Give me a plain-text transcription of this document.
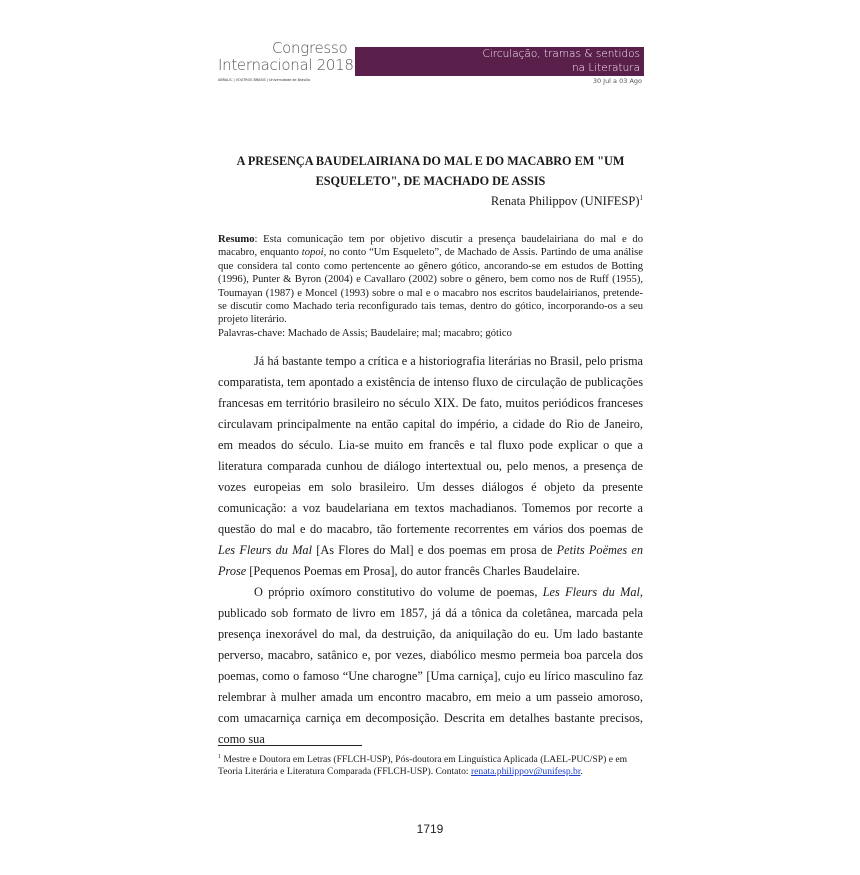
Congresso
Internacional 2018
ABRALIC | VOUTROS BRASIS | Universidade de Brasília
Circulação, tramas & sentidos
na Literatura
30 Jul a 03 Ago
A PRESENÇA BAUDELAIRIANA DO MAL E DO MACABRO EM "UM ESQUELETO", DE MACHADO DE ASSIS
Renata Philippov (UNIFESP)$^1$

Resumo: Esta comunicação tem por objetivo discutir a presença baudelairiana do mal e do macabro, enquanto topoi, no conto “Um Esqueleto”, de Machado de Assis. Partindo de uma análise que considera tal conto como pertencente ao gênero gótico, ancorando-se em estudos de Botting (1996), Punter & Byron (2004) e Cavallaro (2002) sobre o gênero, bem como nos de Ruff (1955), Toumayan (1987) e Moncel (1993) sobre o mal e o macabro nos escritos baudelairianos, pretende-se discutir como Machado teria reconfigurado tais temas, dentro do gótico, incorporando-os a seu projeto literário.

Palavras-chave: Machado de Assis; Baudelaire; mal; macabro; gótico

Já há bastante tempo a crítica e a historiografia literárias no Brasil, pelo prisma comparatista, tem apontado a existência de intenso fluxo de circulação de publicações francesas em território brasileiro no século XIX. De fato, muitos periódicos franceses circulavam principalmente na então capital do império, a cidade do Rio de Janeiro, em meados do século. Lia-se muito em francês e tal fluxo pode explicar o que a literatura comparada cunhou de diálogo intertextual ou, pelo menos, a presença de vozes europeias em solo brasileiro. Um desses diálogos é objeto da presente comunicação: a voz baudelariana em textos machadianos. Tomemos por recorte a questão do mal e do macabro, tão fortemente recorrentes em vários dos poemas de Les Fleurs du Mal [As Flores do Mal] e dos poemas em prosa de Petits Poëmes en Prose [Pequenos Poemas em Prosa], do autor francês Charles Baudelaire.

O próprio oxímoro constitutivo do volume de poemas, Les Fleurs du Mal, publicado sob formato de livro em 1857, já dá a tônica da coletânea, marcada pela presença inexorável do mal, da destruição, da aniquilação do eu. Um lado bastante perverso, macabro, satânico e, por vezes, diabólico mesmo permeia boa parcela dos poemas, como o famoso “Une charogne” [Uma carniça], cujo eu lírico masculino faz relembrar à mulher amada um encontro macabro, em meio a um passeio amoroso, com umacarniça carniça em decomposição. Descrita em detalhes bastante precisos, como sua

$^1$ Mestre e Doutora em Letras (FFLCH-USP), Pós-doutora em Linguística Aplicada (LAEL-PUC/SP) e em Teoria Literária e Literatura Comparada (FFLCH-USP). Contato: renata.philippov@unifesp.br.
1719
